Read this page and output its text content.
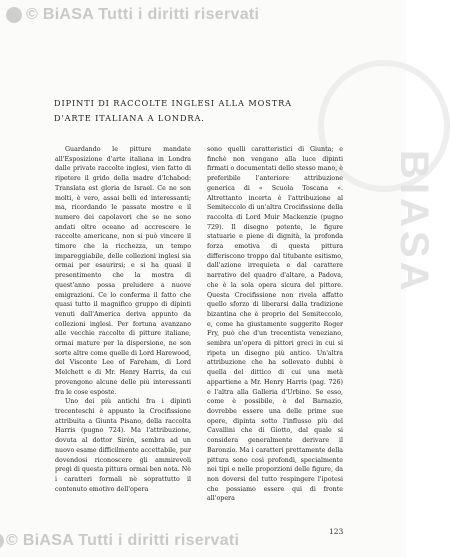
BIASA
© BiASA Tutti i diritti riservati
DIPINTI DI RACCOLTE INGLESI ALLA MOSTRA
D'ARTE ITALIANA A LONDRA.

Guardando le pitture mandate all'Esposizione d'arte italiana in Londra dalle private raccolte inglesi, vien fatto di ripetere il grido della madre d'Ichabod: Translata est gloria de Israel. Ce ne son molti, è vero, assai belli ed interessanti; ma, ricordando le passate mostre e il numero dei capolavori che se ne sono andati oltre oceano ad accrescere le raccolte americane, non si può vincere il timore che la ricchezza, un tempo impareggiabile, delle collezioni inglesi sia ormai per esaurirsi; e si ha quasi il presentimento che la mostra di quest'anno possa preludere a nuove emigrazioni. Ce lo conferma il fatto che quasi tutto il magnifico gruppo di dipinti venuti dall'America deriva appunto da collezioni inglesi. Per fortuna avanzano alle vecchie raccolte di pitture italiane, ormai mature per la dispersione, ne son sorte altre come quelle di Lord Harewood, del Visconte Lee of Fareham, di Lord Melchett e di Mr. Henry Harris, da cui provengono alcune delle più interessanti fra le cose esposte.

Uno dei più antichi fra i dipinti trecenteschi è appunto la Crocifissione attribuita a Giunta Pisano, della raccolta Harris (pugno 724). Ma l'attribuzione, dovuta al dottor Sirén, sembra ad un nuovo esame difficilmente accettabile, pur dovendosi riconoscere gli ammirevoli pregi di questa pittura ormai ben nota. Nè i caratteri formali nè soprattutto il contenuto emotivo dell'opera

sono quelli caratteristici di Giunta; e finchè non vengano alla luce dipinti firmati o documentati dello stesso mano, è preferibile l'anteriore attribuzione generica di « Scuola Toscana ». Altrettanto incerta è l'attribuzione al Semiteccolo di un'altra Crocifissione della raccolta di Lord Muir Mackenzie (pugno 729). Il disegno potente, le figure statuarie e piene di dignità, la profonda forza emotiva di questa pittura differiscono troppo dal titubante esitismo, dall'azione irrequieta e dal carattere narrativo del quadro d'altare, a Padova, che è la sola opera sicura del pittore. Questa Crocifissione non rivela affatto quello sforzo di liberarsi dalla tradizione bizantina che è proprio del Semiteccolo, e, come ha giustamente suggerito Roger Fry, può che d'un trecentista veneziano, sembra un'opera di pittori greci in cui si ripeta un disegno più antico. Un'altra attribuzione che ha sollevato dubbi è quella del dittico di cui una metà appartiene a Mr. Henry Harris (pag. 726) e l'altra alla Galleria d'Urbino. Se esso, come è possibile, è del Barnazio, dovrebbe essere una delle prime sue opere, dipinta sotto l'influsso più del Cavallini che di Giotto, dal quale si considera generalmente derivare il Baronzio. Ma i caratteri prettamente della pittura sono così profondi, specialmente nei tipi e nelle proporzioni delle figure, da non doversi del tutto respingere l'ipotesi che possiamo essere qui di fronte all'opera

123
© BiASA Tutti i diritti riservati
